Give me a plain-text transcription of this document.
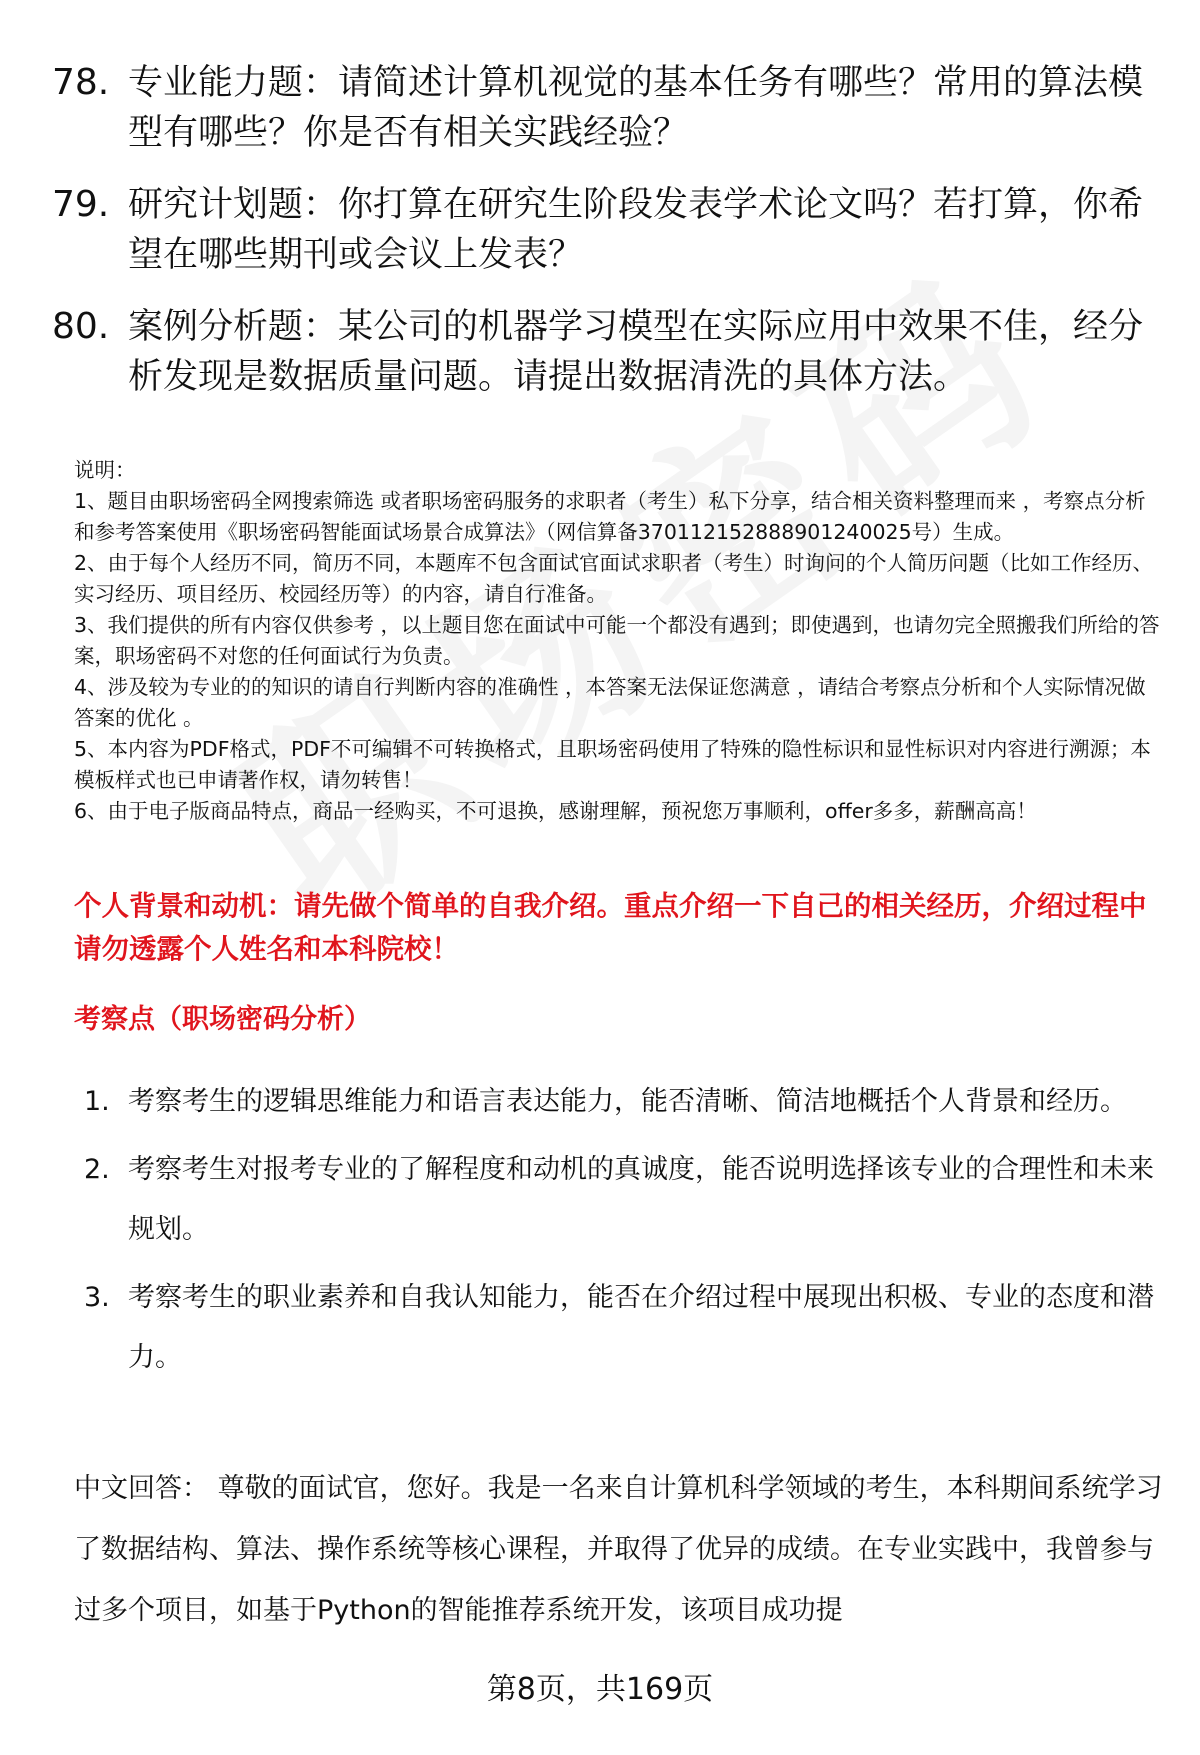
78. 专业能力题：请简述计算机视觉的基本任务有哪些？常用的算法模型有哪些？你是否有相关实践经验？
79. 研究计划题：你打算在研究生阶段发表学术论文吗？若打算，你希望在哪些期刊或会议上发表？
80. 案例分析题：某公司的机器学习模型在实际应用中效果不佳，经分析发现是数据质量问题。请提出数据清洗的具体方法。

说明：

1、题目由职场密码全网搜索筛选 或者职场密码服务的求职者（考生）私下分享，结合相关资料整理而来 ，考察点分析和参考答案使用《职场密码智能面试场景合成算法》（网信算备370112152888901240025号）生成。

2、由于每个人经历不同，简历不同，本题库不包含面试官面试求职者（考生）时询问的个人简历问题（比如工作经历、实习经历、项目经历、校园经历等）的内容，请自行准备。

3、我们提供的所有内容仅供参考 ，以上题目您在面试中可能一个都没有遇到；即使遇到，也请勿完全照搬我们所给的答案，职场密码不对您的任何面试行为负责。

4、涉及较为专业的的知识的请自行判断内容的准确性 ，本答案无法保证您满意 ，请结合考察点分析和个人实际情况做答案的优化 。

5、本内容为PDF格式，PDF不可编辑不可转换格式，且职场密码使用了特殊的隐性标识和显性标识对内容进行溯源；本模板样式也已申请著作权，请勿转售！

6、由于电子版商品特点，商品一经购买，不可退换，感谢理解，预祝您万事顺利，offer多多，薪酬高高！

个人背景和动机：请先做个简单的自我介绍。重点介绍一下自己的相关经历，介绍过程中请勿透露个人姓名和本科院校！
考察点（职场密码分析）
1. 考察考生的逻辑思维能力和语言表达能力，能否清晰、简洁地概括个人背景和经历。
2. 考察考生对报考专业的了解程度和动机的真诚度，能否说明选择该专业的合理性和未来规划。
3. 考察考生的职业素养和自我认知能力，能否在介绍过程中展现出积极、专业的态度和潜力。
中文回答： 尊敬的面试官，您好。我是一名来自计算机科学领域的考生，本科期间系统学习了数据结构、算法、操作系统等核心课程，并取得了优异的成绩。在专业实践中，我曾参与过多个项目，如基于Python的智能推荐系统开发，该项目成功提
第8页，共169页
